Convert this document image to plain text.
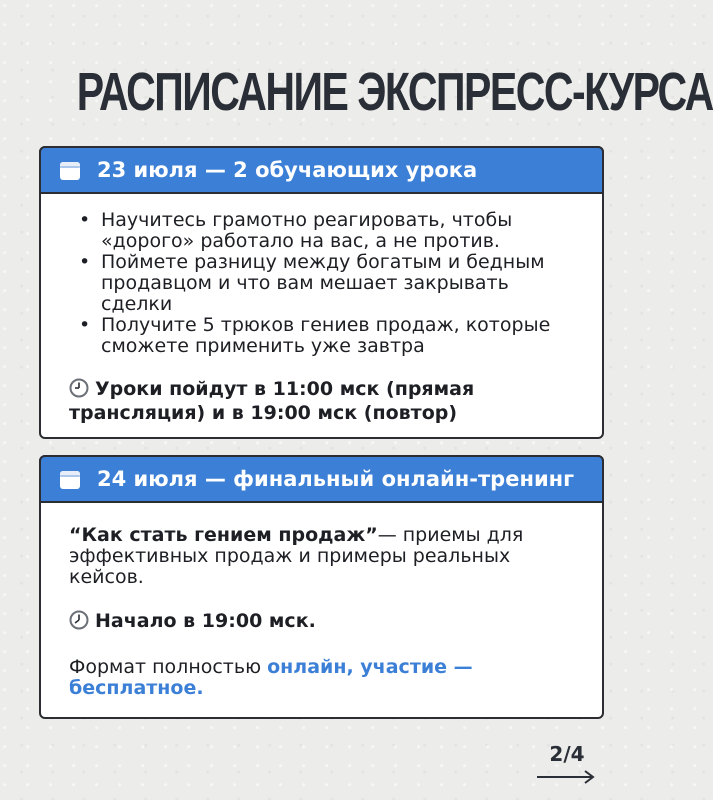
РАСПИСАНИЕ ЭКСПРЕСС-КУРСА
23 июля — 2 обучающих урока
• Научитесь грамотно реагировать, чтобы «дорого» работало на вас, а не против.
• Поймете разницу между богатым и бедным продавцом и что вам мешает закрывать сделки
• Получите 5 трюков гениев продаж, которые сможете применить уже завтра
Уроки пойдут в 11:00 мск (прямая трансляция) и в 19:00 мск (повтор)
24 июля — финальный онлайн-тренинг
“Как стать гением продаж”— приемы для эффективных продаж и примеры реальных кейсов.
Начало в 19:00 мск.
Формат полностью онлайн, участие — бесплатное.
2/4
